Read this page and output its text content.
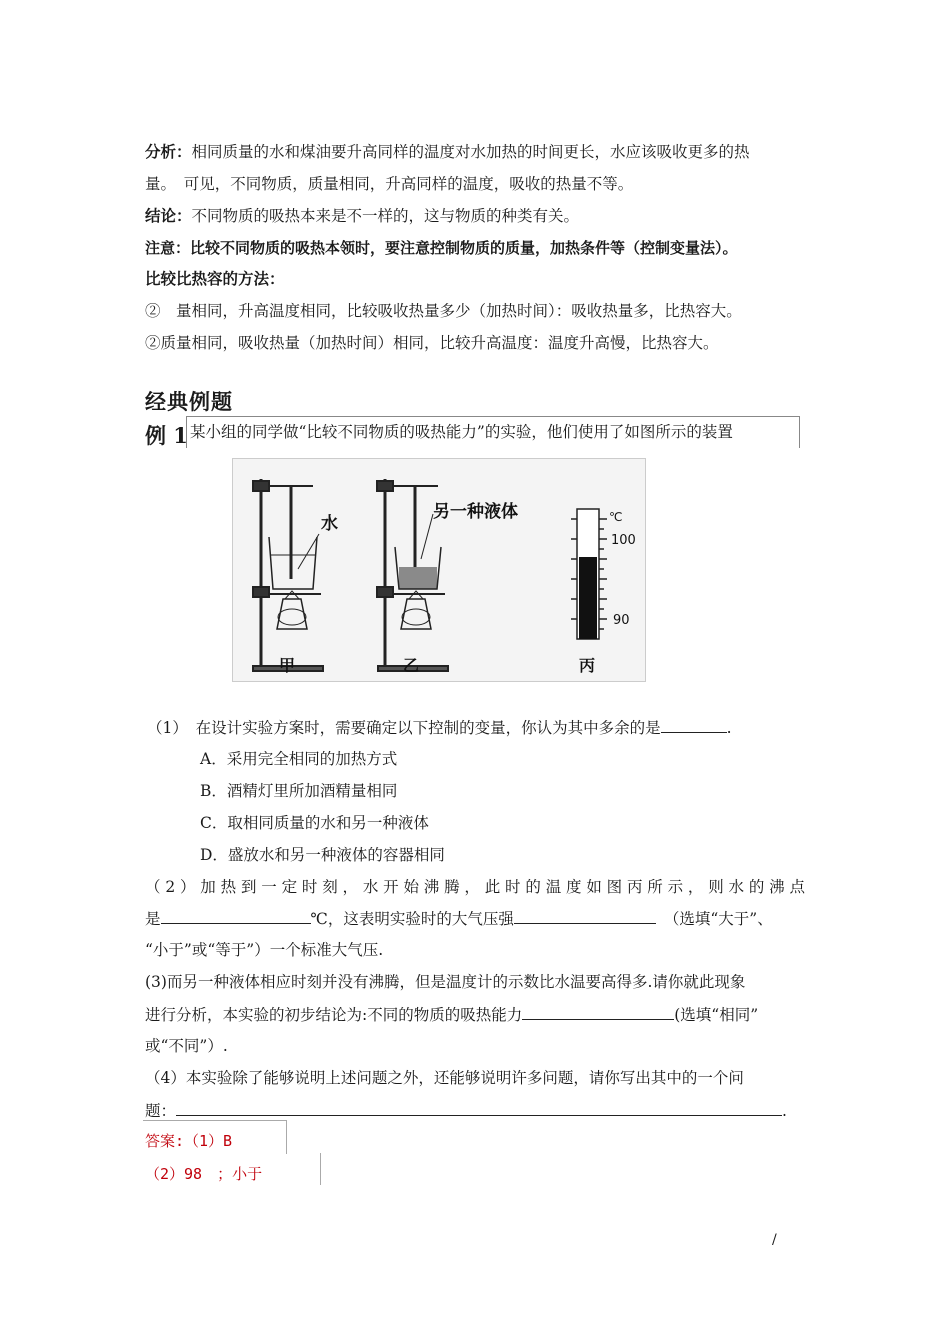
分析：相同质量的水和煤油要升高同样的温度对水加热的时间更长，水应该吸收更多的热
量。　可见，不同物质，质量相同，升高同样的温度，吸收的热量不等。
结论：不同物质的吸热本来是不一样的，这与物质的种类有关。
注意：比较不同物质的吸热本领时，要注意控制物质的质量，加热条件等（控制变量法）。
比较比热容的方法：
②　量相同，升高温度相同，比较吸收热量多少（加热时间）：吸收热量多，比热容大。
②质量相同，吸收热量（加热时间）相同，比较升高温度：温度升高慢，比热容大。
经典例题
例 1 某小组的同学做“比较不同物质的吸热能力”的实验，他们使用了如图所示的装置
水
另一种液体
甲	乙	丙
℃
100
90
（1）　在设计实验方案时，需要确定以下控制的变量，你认为其中多余的是	.
A．采用完全相同的加热方式
B．酒精灯里所加酒精量相同
C．取相同质量的水和另一种液体
D．盛放水和另一种液体的容器相同
（2）加热到一定时刻，水开始沸腾，此时的温度如图丙所示，则水的沸点
是	℃，这表明实验时的大气压强	（选填“大于”、
“小于”或“等于”）一个标准大气压.
(3)而另一种液体相应时刻并没有沸腾，但是温度计的示数比水温要高得多.请你就此现象
进行分析，本实验的初步结论为:不同的物质的吸热能力	(选填“相同”
或“不同”）.
（4）本实验除了能够说明上述问题之外，还能够说明许多问题，请你写出其中的一个问
题：	.
答案:（1）B
（2）98　；小于
/
